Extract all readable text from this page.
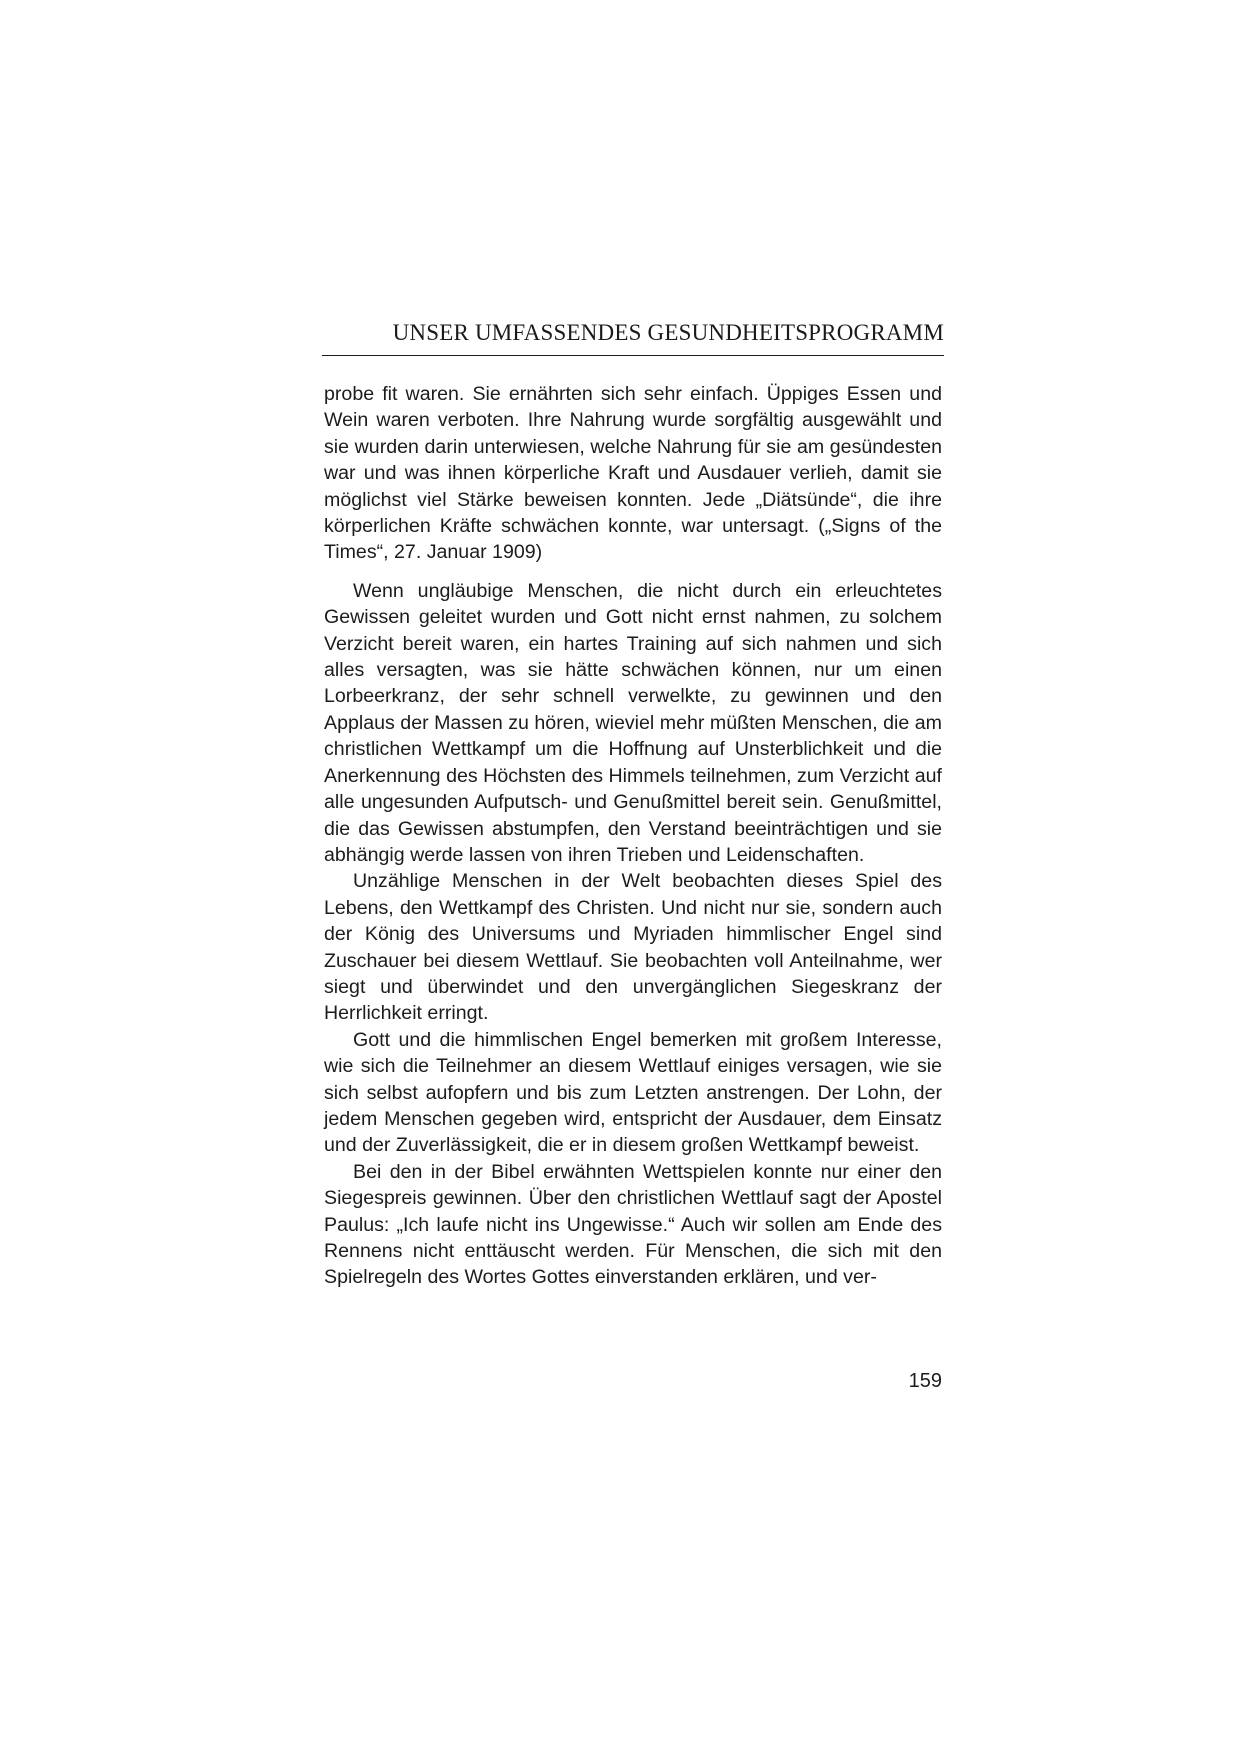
UNSER UMFASSENDES GESUNDHEITSPROGRAMM

probe fit waren. Sie ernährten sich sehr einfach. Üppiges Essen und Wein waren verboten. Ihre Nahrung wurde sorgfältig ausgewählt und sie wurden darin unterwiesen, welche Nahrung für sie am gesündesten war und was ihnen körperliche Kraft und Ausdauer verlieh, damit sie möglichst viel Stärke beweisen konnten. Jede „Diätsünde“, die ihre körperlichen Kräfte schwächen konnte, war untersagt. („Signs of the Times“, 27. Januar 1909)

Wenn ungläubige Menschen, die nicht durch ein erleuchtetes Gewissen geleitet wurden und Gott nicht ernst nahmen, zu solchem Verzicht bereit waren, ein hartes Training auf sich nahmen und sich alles versagten, was sie hätte schwächen können, nur um einen Lorbeerkranz, der sehr schnell verwelkte, zu gewinnen und den Applaus der Massen zu hören, wieviel mehr müßten Menschen, die am christlichen Wettkampf um die Hoffnung auf Unsterblichkeit und die Anerkennung des Höchsten des Himmels teilnehmen, zum Verzicht auf alle ungesunden Aufputsch- und Genußmittel bereit sein. Genußmittel, die das Gewissen abstumpfen, den Verstand beeinträchtigen und sie abhängig werde lassen von ihren Trieben und Leidenschaften.

Unzählige Menschen in der Welt beobachten dieses Spiel des Lebens, den Wettkampf des Christen. Und nicht nur sie, sondern auch der König des Universums und Myriaden himmlischer Engel sind Zuschauer bei diesem Wettlauf. Sie beobachten voll Anteilnahme, wer siegt und überwindet und den unvergänglichen Siegeskranz der Herrlichkeit erringt.

Gott und die himmlischen Engel bemerken mit großem Interesse, wie sich die Teilnehmer an diesem Wettlauf einiges versagen, wie sie sich selbst aufopfern und bis zum Letzten anstrengen. Der Lohn, der jedem Menschen gegeben wird, entspricht der Ausdauer, dem Einsatz und der Zuverlässigkeit, die er in diesem großen Wettkampf beweist.

Bei den in der Bibel erwähnten Wettspielen konnte nur einer den Siegespreis gewinnen. Über den christlichen Wettlauf sagt der Apostel Paulus: „Ich laufe nicht ins Ungewisse.“ Auch wir sollen am Ende des Rennens nicht enttäuscht werden. Für Menschen, die sich mit den Spielregeln des Wortes Gottes einverstanden erklären, und ver-

159
